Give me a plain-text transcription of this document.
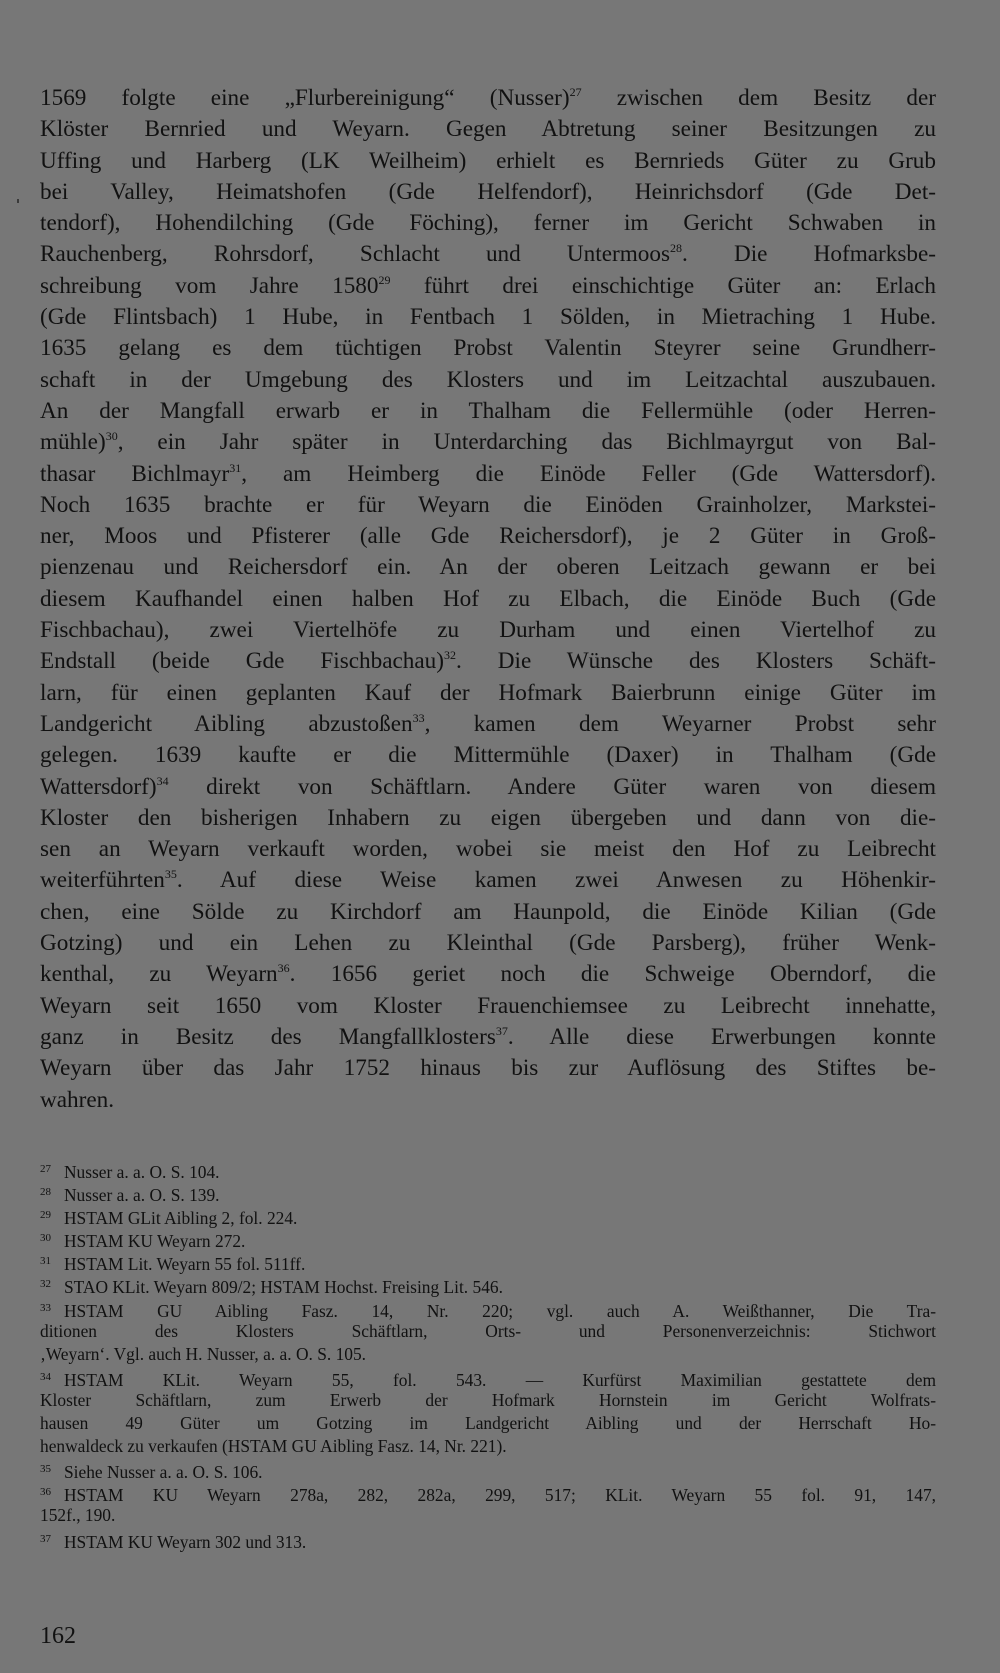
1569 folgte eine „Flurbereinigung“ (Nusser)$^{27}$ zwischen dem Besitz der
Klöster Bernried und Weyarn. Gegen Abtretung seiner Besitzungen zu
Uffing und Harberg (LK Weilheim) erhielt es Bernrieds Güter zu Grub
bei Valley, Heimatshofen (Gde Helfendorf), Heinrichsdorf (Gde Det-
tendorf), Hohendilching (Gde Föching), ferner im Gericht Schwaben in
Rauchenberg, Rohrsdorf, Schlacht und Untermoos$^{28}$. Die Hofmarksbe-
schreibung vom Jahre 1580$^{29}$ führt drei einschichtige Güter an: Erlach
(Gde Flintsbach) 1 Hube, in Fentbach 1 Sölden, in Mietraching 1 Hube.
1635 gelang es dem tüchtigen Probst Valentin Steyrer seine Grundherr-
schaft in der Umgebung des Klosters und im Leitzachtal auszubauen.
An der Mangfall erwarb er in Thalham die Fellermühle (oder Herren-
mühle)$^{30}$, ein Jahr später in Unterdarching das Bichlmayrgut von Bal-
thasar Bichlmayr$^{31}$, am Heimberg die Einöde Feller (Gde Wattersdorf).
Noch 1635 brachte er für Weyarn die Einöden Grainholzer, Markstei-
ner, Moos und Pfisterer (alle Gde Reichersdorf), je 2 Güter in Groß-
pienzenau und Reichersdorf ein. An der oberen Leitzach gewann er bei
diesem Kaufhandel einen halben Hof zu Elbach, die Einöde Buch (Gde
Fischbachau), zwei Viertelhöfe zu Durham und einen Viertelhof zu
Endstall (beide Gde Fischbachau)$^{32}$. Die Wünsche des Klosters Schäft-
larn, für einen geplanten Kauf der Hofmark Baierbrunn einige Güter im
Landgericht Aibling abzustoßen$^{33}$, kamen dem Weyarner Probst sehr
gelegen. 1639 kaufte er die Mittermühle (Daxer) in Thalham (Gde
Wattersdorf)$^{34}$ direkt von Schäftlarn. Andere Güter waren von diesem
Kloster den bisherigen Inhabern zu eigen übergeben und dann von die-
sen an Weyarn verkauft worden, wobei sie meist den Hof zu Leibrecht
weiterführten$^{35}$. Auf diese Weise kamen zwei Anwesen zu Höhenkir-
chen, eine Sölde zu Kirchdorf am Haunpold, die Einöde Kilian (Gde
Gotzing) und ein Lehen zu Kleinthal (Gde Parsberg), früher Wenk-
kenthal, zu Weyarn$^{36}$. 1656 geriet noch die Schweige Oberndorf, die
Weyarn seit 1650 vom Kloster Frauenchiemsee zu Leibrecht innehatte,
ganz in Besitz des Mangfallklosters$^{37}$. Alle diese Erwerbungen konnte
Weyarn über das Jahr 1752 hinaus bis zur Auflösung des Stiftes be-
wahren.
27 Nusser a. a. O. S. 104.
28 Nusser a. a. O. S. 139.
29 HSTAM GLit Aibling 2, fol. 224.
30 HSTAM KU Weyarn 272.
31 HSTAM Lit. Weyarn 55 fol. 511ff.
32 STAO KLit. Weyarn 809/2; HSTAM Hochst. Freising Lit. 546.
33 HSTAM GU Aibling Fasz. 14, Nr. 220; vgl. auch A. Weißthanner, Die Tra-
ditionen des Klosters Schäftlarn, Orts- und Personenverzeichnis: Stichwort
‚Weyarn‘. Vgl. auch H. Nusser, a. a. O. S. 105.
34 HSTAM KLit. Weyarn 55, fol. 543. — Kurfürst Maximilian gestattete dem
Kloster Schäftlarn, zum Erwerb der Hofmark Hornstein im Gericht Wolfrats-
hausen 49 Güter um Gotzing im Landgericht Aibling und der Herrschaft Ho-
henwaldeck zu verkaufen (HSTAM GU Aibling Fasz. 14, Nr. 221).
35 Siehe Nusser a. a. O. S. 106.
36 HSTAM KU Weyarn 278a, 282, 282a, 299, 517; KLit. Weyarn 55 fol. 91, 147,
152f., 190.
37 HSTAM KU Weyarn 302 und 313.
162
